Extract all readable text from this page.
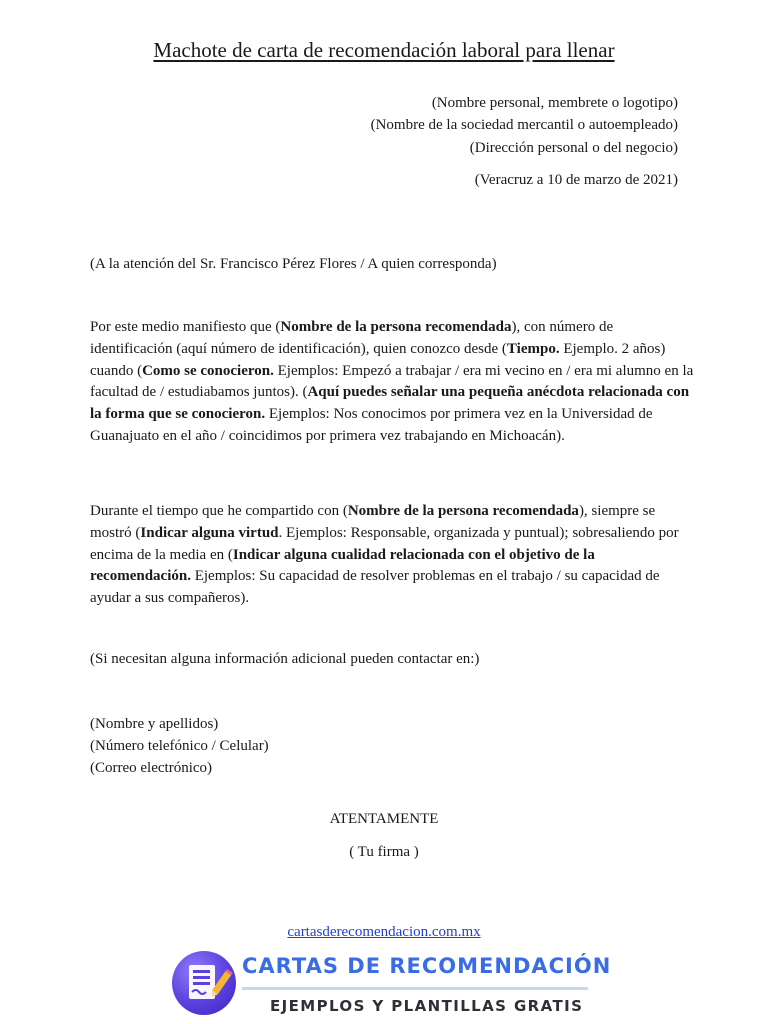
Machote de carta de recomendación laboral para llenar
(Nombre personal, membrete o logotipo)
(Nombre de la sociedad mercantil o autoempleado)
(Dirección personal o del negocio)
(Veracruz a 10 de marzo de 2021)
(A la atención del Sr. Francisco Pérez Flores / A quien corresponda)
Por este medio manifiesto que (Nombre de la persona recomendada), con número de identificación (aquí número de identificación), quien conozco desde (Tiempo. Ejemplo. 2 años) cuando (Como se conocieron. Ejemplos: Empezó a trabajar / era mi vecino en / era mi alumno en la facultad de / estudiabamos juntos). (Aquí puedes señalar una pequeña anécdota relacionada con la forma que se conocieron. Ejemplos: Nos conocimos por primera vez en la Universidad de Guanajuato en el año / coincidimos por primera vez trabajando en Michoacán).
Durante el tiempo que he compartido con (Nombre de la persona recomendada), siempre se mostró (Indicar alguna virtud. Ejemplos: Responsable, organizada y puntual); sobresaliendo por encima de la media en (Indicar alguna cualidad relacionada con el objetivo de la recomendación. Ejemplos: Su capacidad de resolver problemas en el trabajo / su capacidad de ayudar a sus compañeros).
(Si necesitan alguna información adicional pueden contactar en:)
(Nombre y apellidos)
(Número telefónico / Celular)
(Correo electrónico)
ATENTAMENTE
( Tu firma )
cartasderecomendacion.com.mx
CARTAS DE RECOMENDACIÓN
EJEMPLOS Y PLANTILLAS GRATIS
